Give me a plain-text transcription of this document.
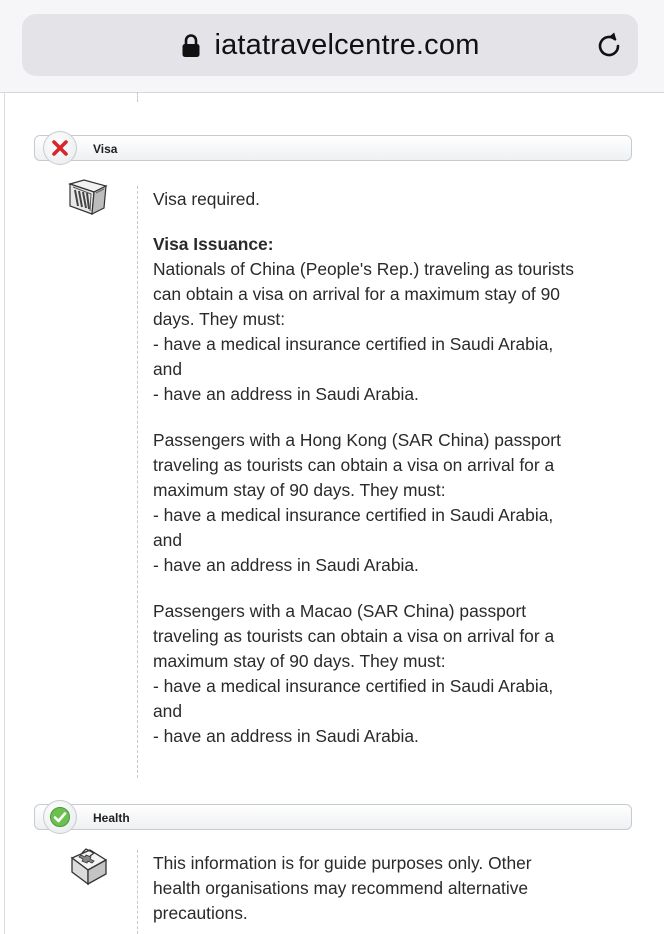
iatatravelcentre.com
Visa

Visa required.

Visa Issuance:

Nationals of China (People's Rep.) traveling as tourists

can obtain a visa on arrival for a maximum stay of 90

days. They must:

- have a medical insurance certified in Saudi Arabia,

and

- have an address in Saudi Arabia.

Passengers with a Hong Kong (SAR China) passport

traveling as tourists can obtain a visa on arrival for a

maximum stay of 90 days. They must:

- have a medical insurance certified in Saudi Arabia,

and

- have an address in Saudi Arabia.

Passengers with a Macao (SAR China) passport

traveling as tourists can obtain a visa on arrival for a

maximum stay of 90 days. They must:

- have a medical insurance certified in Saudi Arabia,

and

- have an address in Saudi Arabia.

Health

This information is for guide purposes only. Other

health organisations may recommend alternative

precautions.
